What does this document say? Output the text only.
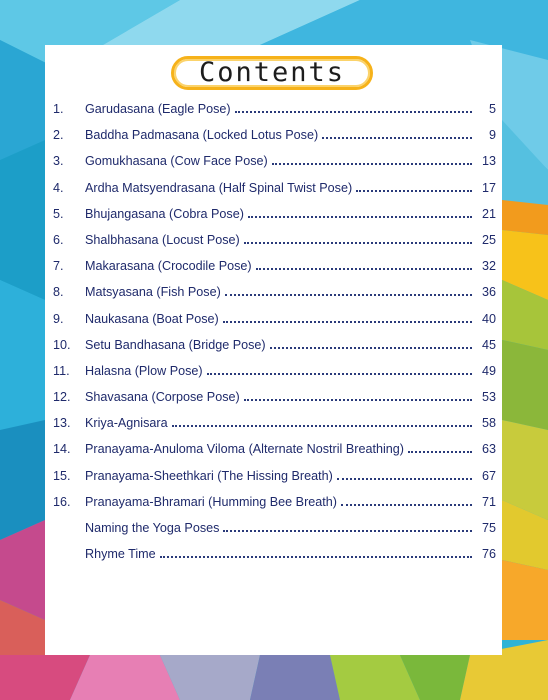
Contents
1.	Garudasana (Eagle Pose)	5
2.	Baddha Padmasana (Locked Lotus Pose)	9
3.	Gomukhasana (Cow Face Pose)	13
4.	Ardha Matsyendrasana (Half Spinal Twist Pose)	17
5.	Bhujangasana (Cobra Pose)	21
6.	Shalbhasana (Locust Pose)	25
7.	Makarasana (Crocodile Pose)	32
8.	Matsyasana (Fish Pose)	36
9.	Naukasana (Boat Pose)	40
10.	Setu Bandhasana (Bridge Pose)	45
11.	Halasna (Plow Pose)	49
12.	Shavasana (Corpose Pose)	53
13.	Kriya-Agnisara	58
14.	Pranayama-Anuloma Viloma (Alternate Nostril Breathing)	63
15.	Pranayama-Sheethkari (The Hissing Breath)	67
16.	Pranayama-Bhramari (Humming Bee Breath)	71
Naming the Yoga Poses	75
Rhyme Time	76
